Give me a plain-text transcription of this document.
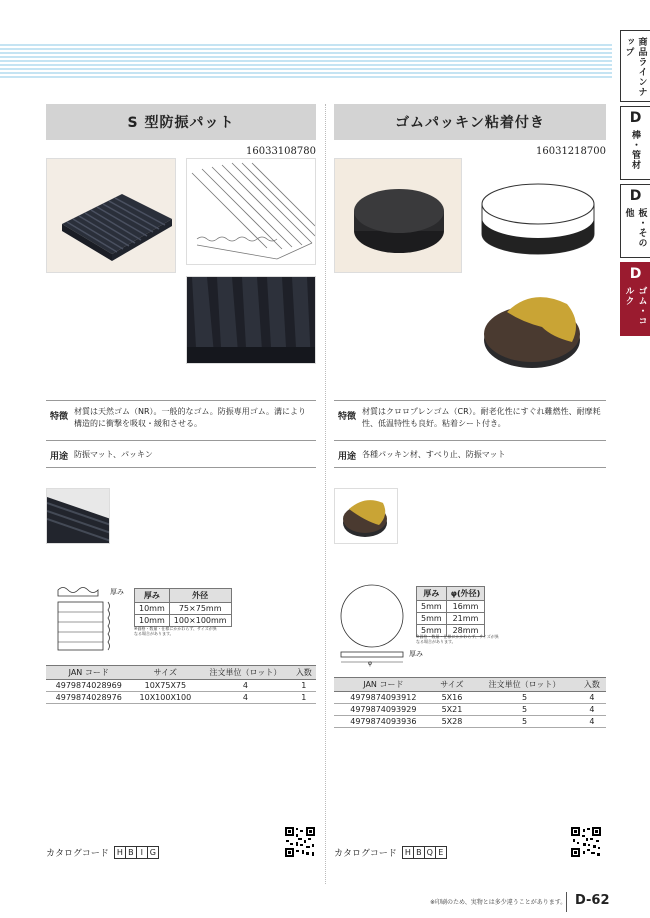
商品ラインナップ
D
棒・管材
D
板・その他
D
ゴム・コルク
S 型防振パット
16033108780
特徴
材質は天然ゴム（NR）。一般的なゴム。防振専用ゴム。溝により構造的に衝撃を吸収・緩和させる。
用途 防振マット、パッキン
厚み 厚み	外径
10mm	75×75mm
10mm	100×100mm
※価格・数量・仕様にかかわらず、サイズが異なる場合があります。
JAN コード	サイズ	注文単位（ロット）	入数
4979874028969	10X75X75	4	1
4979874028976	10X100X100	4	1
カタログコード H B I G
ゴムパッキン粘着付き
16031218700
特徴
材質はクロロプレンゴム（CR）。耐老化性にすぐれ難燃性、耐摩耗性、低温特性も良好。粘着シート付き。
用途 各種パッキン材、すべり止、防振マット
厚み
φ
厚み	φ(外径)
5mm	16mm
5mm	21mm
5mm	28mm
※価格・数量・仕様にかかわらず、サイズが異なる場合があります。
JAN コード	サイズ	注文単位（ロット）	入数
4979874093912	5X16	5	4
4979874093929	5X21	5	4
4979874093936	5X28	5	4
カタログコード H B Q E
※印刷のため、実物とは多少違うことがあります。 D-62
